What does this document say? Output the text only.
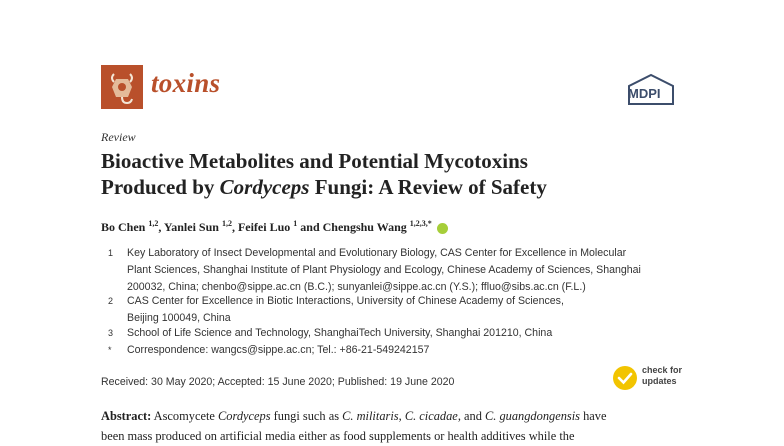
toxins	MDPI
Review
Bioactive Metabolites and Potential Mycotoxins
Produced by Cordyceps Fungi: A Review of Safety
Bo Chen $^{1,2}$, Yanlei Sun $^{1,2}$, Feifei Luo $^1$ and Chengshu Wang $^{1,2,3,*}$
1 Key Laboratory of Insect Developmental and Evolutionary Biology, CAS Center for Excellence in Molecular
Plant Sciences, Shanghai Institute of Plant Physiology and Ecology, Chinese Academy of Sciences, Shanghai
200032, China; chenbo@sippe.ac.cn (B.C.); sunyanlei@sippe.ac.cn (Y.S.); ffluo@sibs.ac.cn (F.L.)
2 CAS Center for Excellence in Biotic Interactions, University of Chinese Academy of Sciences,
Beijing 100049, China
3 School of Life Science and Technology, ShanghaiTech University, Shanghai 201210, China
* Correspondence: wangcs@sippe.ac.cn; Tel.: +86-21-549242157
Received: 30 May 2020; Accepted: 15 June 2020; Published: 19 June 2020
check for
updates
Abstract: Ascomycete Cordyceps fungi such as C. militaris, C. cicadae, and C. guangdongensis have
been mass produced on artificial media either as food supplements or health additives while the
